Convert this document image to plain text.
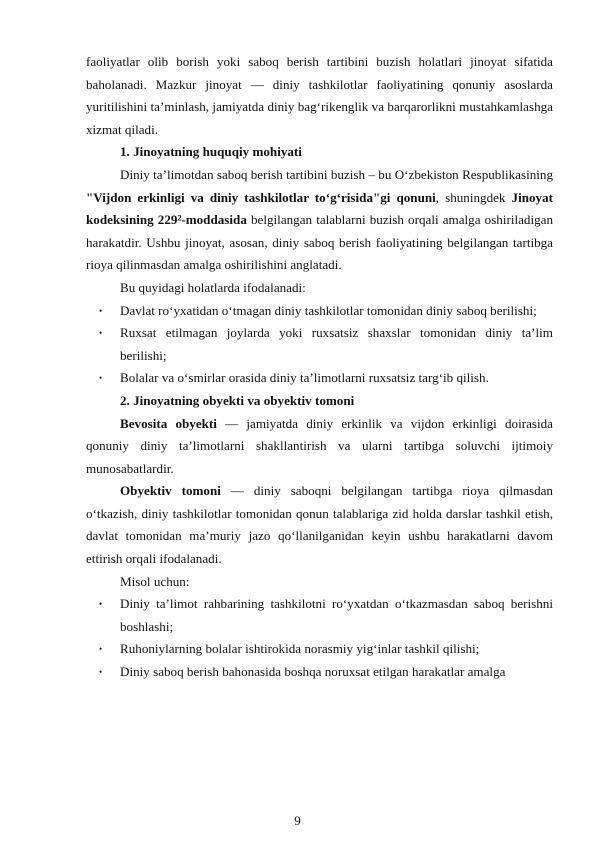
faoliyatlar olib borish yoki saboq berish tartibini buzish holatlari jinoyat sifatida baholanadi. Mazkur jinoyat — diniy tashkilotlar faoliyatining qonuniy asoslarda yuritilishini ta’minlash, jamiyatda diniy bag‘rikenglik va barqarorlikni mustahkamlashga xizmat qiladi.

1. Jinoyatning huquqiy mohiyati

Diniy ta’limotdan saboq berish tartibini buzish – bu O‘zbekiston Respublikasining "Vijdon erkinligi va diniy tashkilotlar to‘g‘risida"gi qonuni, shuningdek Jinoyat kodeksining 229²-moddasida belgilangan talablarni buzish orqali amalga oshiriladigan harakatdir. Ushbu jinoyat, asosan, diniy saboq berish faoliyatining belgilangan tartibga rioya qilinmasdan amalga oshirilishini anglatadi.

Bu quyidagi holatlarda ifodalanadi:

• Davlat ro‘yxatidan o‘tmagan diniy tashkilotlar tomonidan diniy saboq berilishi;
• Ruxsat etilmagan joylarda yoki ruxsatsiz shaxslar tomonidan diniy ta’lim berilishi;
• Bolalar va o‘smirlar orasida diniy ta’limotlarni ruxsatsiz targ‘ib qilish.
2. Jinoyatning obyekti va obyektiv tomoni

Bevosita obyekti — jamiyatda diniy erkinlik va vijdon erkinligi doirasida qonuniy diniy ta’limotlarni shakllantirish va ularni tartibga soluvchi ijtimoiy munosabatlardir.

Obyektiv tomoni — diniy saboqni belgilangan tartibga rioya qilmasdan o‘tkazish, diniy tashkilotlar tomonidan qonun talablariga zid holda darslar tashkil etish, davlat tomonidan ma’muriy jazo qo‘llanilganidan keyin ushbu harakatlarni davom ettirish orqali ifodalanadi.

Misol uchun:

• Diniy ta’limot rahbarining tashkilotni ro‘yxatdan o‘tkazmasdan saboq berishni boshlashi;
• Ruhoniylarning bolalar ishtirokida norasmiy yig‘inlar tashkil qilishi;
• Diniy saboq berish bahonasida boshqa noruxsat etilgan harakatlar amalga
9
